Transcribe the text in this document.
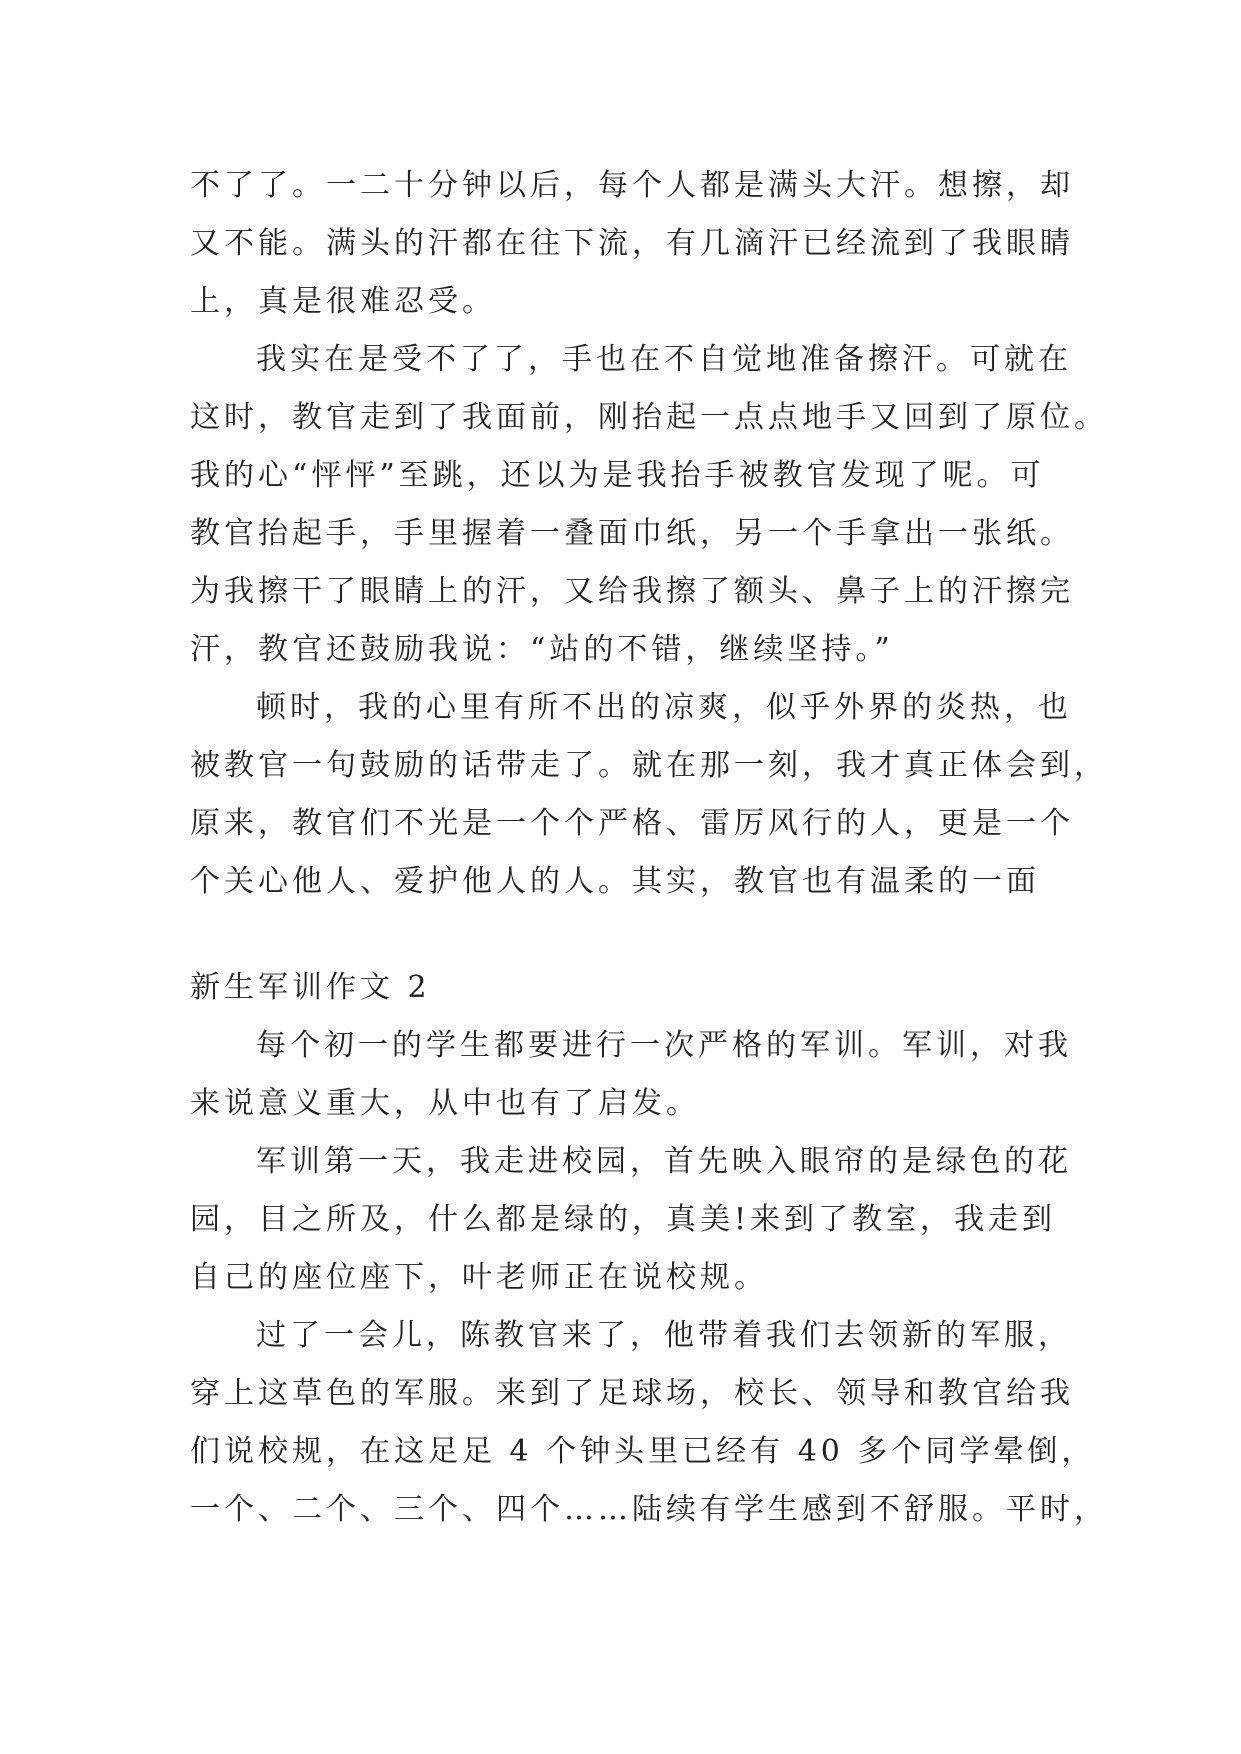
不了了。一二十分钟以后，每个人都是满头大汗。想擦，却
又不能。满头的汗都在往下流，有几滴汗已经流到了我眼睛
上，真是很难忍受。
我实在是受不了了，手也在不自觉地准备擦汗。可就在
这时，教官走到了我面前，刚抬起一点点地手又回到了原位。
我的心“怦怦”至跳，还以为是我抬手被教官发现了呢。可
教官抬起手，手里握着一叠面巾纸，另一个手拿出一张纸。
为我擦干了眼睛上的汗，又给我擦了额头、鼻子上的汗擦完
汗，教官还鼓励我说：“站的不错，继续坚持。”
顿时，我的心里有所不出的凉爽，似乎外界的炎热，也
被教官一句鼓励的话带走了。就在那一刻，我才真正体会到，
原来，教官们不光是一个个严格、雷厉风行的人，更是一个
个关心他人、爱护他人的人。其实，教官也有温柔的一面
新生军训作文 2
每个初一的学生都要进行一次严格的军训。军训，对我
来说意义重大，从中也有了启发。
军训第一天，我走进校园，首先映入眼帘的是绿色的花
园，目之所及，什么都是绿的，真美!来到了教室，我走到
自己的座位座下，叶老师正在说校规。
过了一会儿，陈教官来了，他带着我们去领新的军服，
穿上这草色的军服。来到了足球场，校长、领导和教官给我
们说校规，在这足足 4 个钟头里已经有 40 多个同学晕倒，
一个、二个、三个、四个……陆续有学生感到不舒服。平时，
